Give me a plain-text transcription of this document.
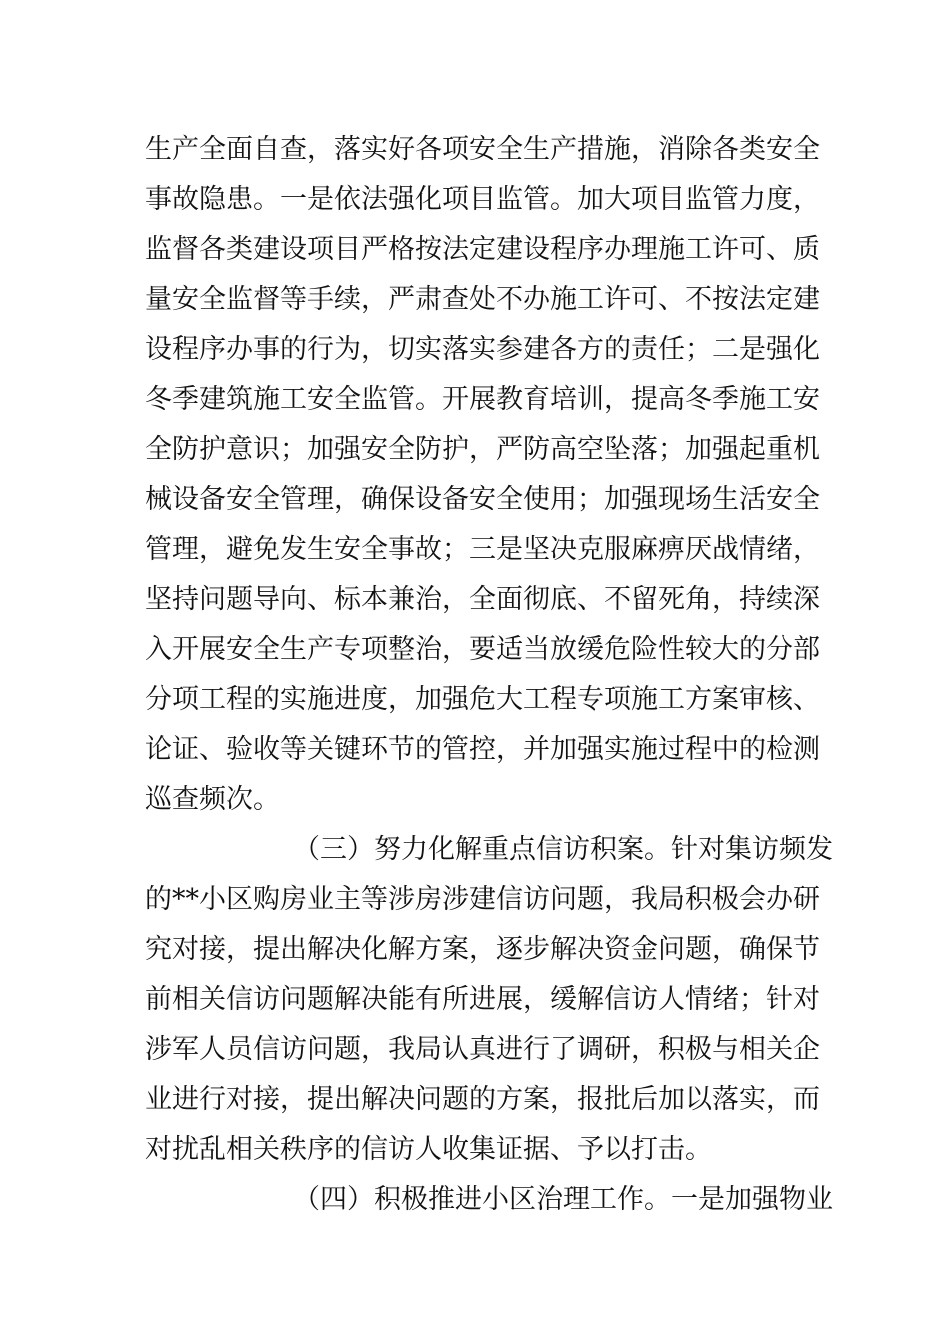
生产全面自查，落实好各项安全生产措施，消除各类安全
事故隐患。一是依法强化项目监管。加大项目监管力度，
监督各类建设项目严格按法定建设程序办理施工许可、质
量安全监督等手续，严肃查处不办施工许可、不按法定建
设程序办事的行为，切实落实参建各方的责任；二是强化
冬季建筑施工安全监管。开展教育培训，提高冬季施工安
全防护意识；加强安全防护，严防高空坠落；加强起重机
械设备安全管理，确保设备安全使用；加强现场生活安全
管理，避免发生安全事故；三是坚决克服麻痹厌战情绪，
坚持问题导向、标本兼治，全面彻底、不留死角，持续深
入开展安全生产专项整治，要适当放缓危险性较大的分部
分项工程的实施进度，加强危大工程专项施工方案审核、
论证、验收等关键环节的管控，并加强实施过程中的检测
巡查频次。
（三）努力化解重点信访积案。针对集访频发
的**小区购房业主等涉房涉建信访问题，我局积极会办研
究对接，提出解决化解方案，逐步解决资金问题，确保节
前相关信访问题解决能有所进展，缓解信访人情绪；针对
涉军人员信访问题，我局认真进行了调研，积极与相关企
业进行对接，提出解决问题的方案，报批后加以落实，而
对扰乱相关秩序的信访人收集证据、予以打击。
（四）积极推进小区治理工作。一是加强物业
